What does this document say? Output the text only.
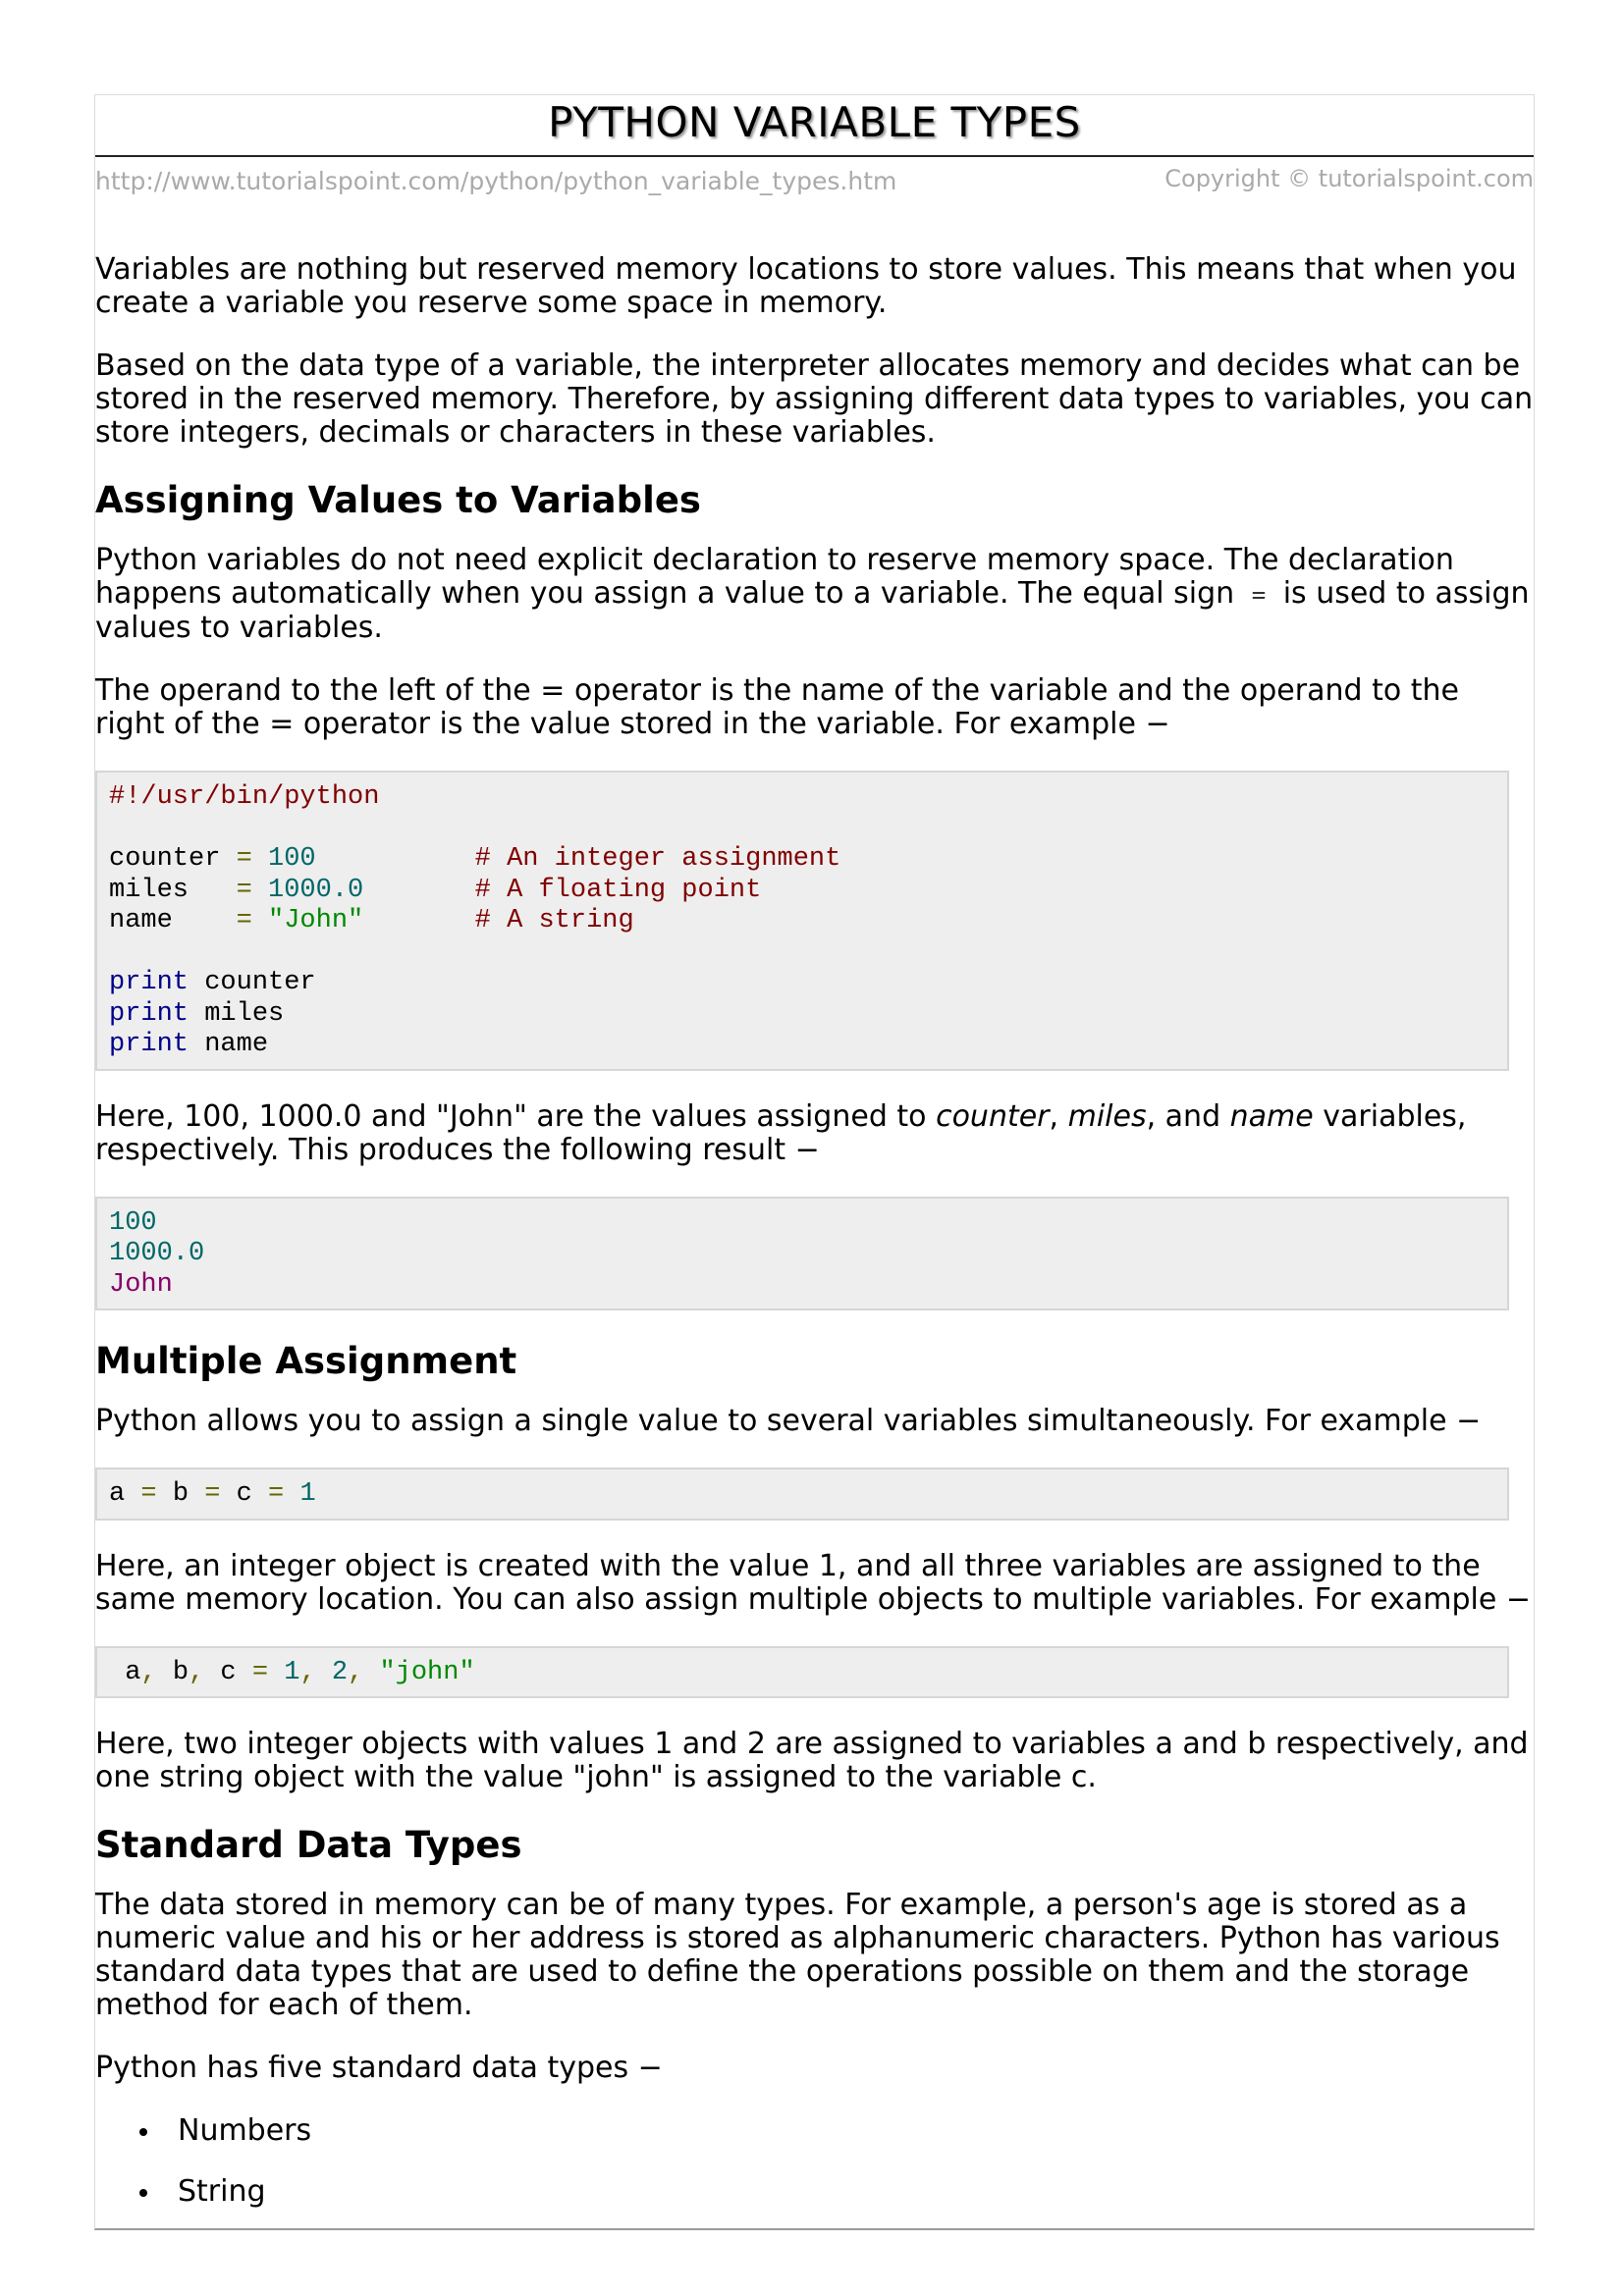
PYTHON VARIABLE TYPES
http://www.tutorialspoint.com/python/python_variable_types.htm	Copyright © tutorialspoint.com

Variables are nothing but reserved memory locations to store values. This means that when you create a variable you reserve some space in memory.

Based on the data type of a variable, the interpreter allocates memory and decides what can be stored in the reserved memory. Therefore, by assigning different data types to variables, you can store integers, decimals or characters in these variables.

Assigning Values to Variables

Python variables do not need explicit declaration to reserve memory space. The declaration happens automatically when you assign a value to a variable. The equal sign = is used to assign values to variables.

The operand to the left of the = operator is the name of the variable and the operand to the right of the = operator is the value stored in the variable. For example −

#!/usr/bin/python

counter = 100	# An integer assignment
miles = 1000.0	# A floating point
name = "John"	# A string

print counter
print miles
print name

Here, 100, 1000.0 and "John" are the values assigned to counter, miles, and name variables, respectively. This produces the following result −

100
1000.0
John
Multiple Assignment

Python allows you to assign a single value to several variables simultaneously. For example −

a = b = c = 1

Here, an integer object is created with the value 1, and all three variables are assigned to the same memory location. You can also assign multiple objects to multiple variables. For example −

a, b, c = 1, 2, "john"

Here, two integer objects with values 1 and 2 are assigned to variables a and b respectively, and one string object with the value "john" is assigned to the variable c.

Standard Data Types

The data stored in memory can be of many types. For example, a person's age is stored as a numeric value and his or her address is stored as alphanumeric characters. Python has various standard data types that are used to define the operations possible on them and the storage method for each of them.

Python has five standard data types −

Numbers
String
